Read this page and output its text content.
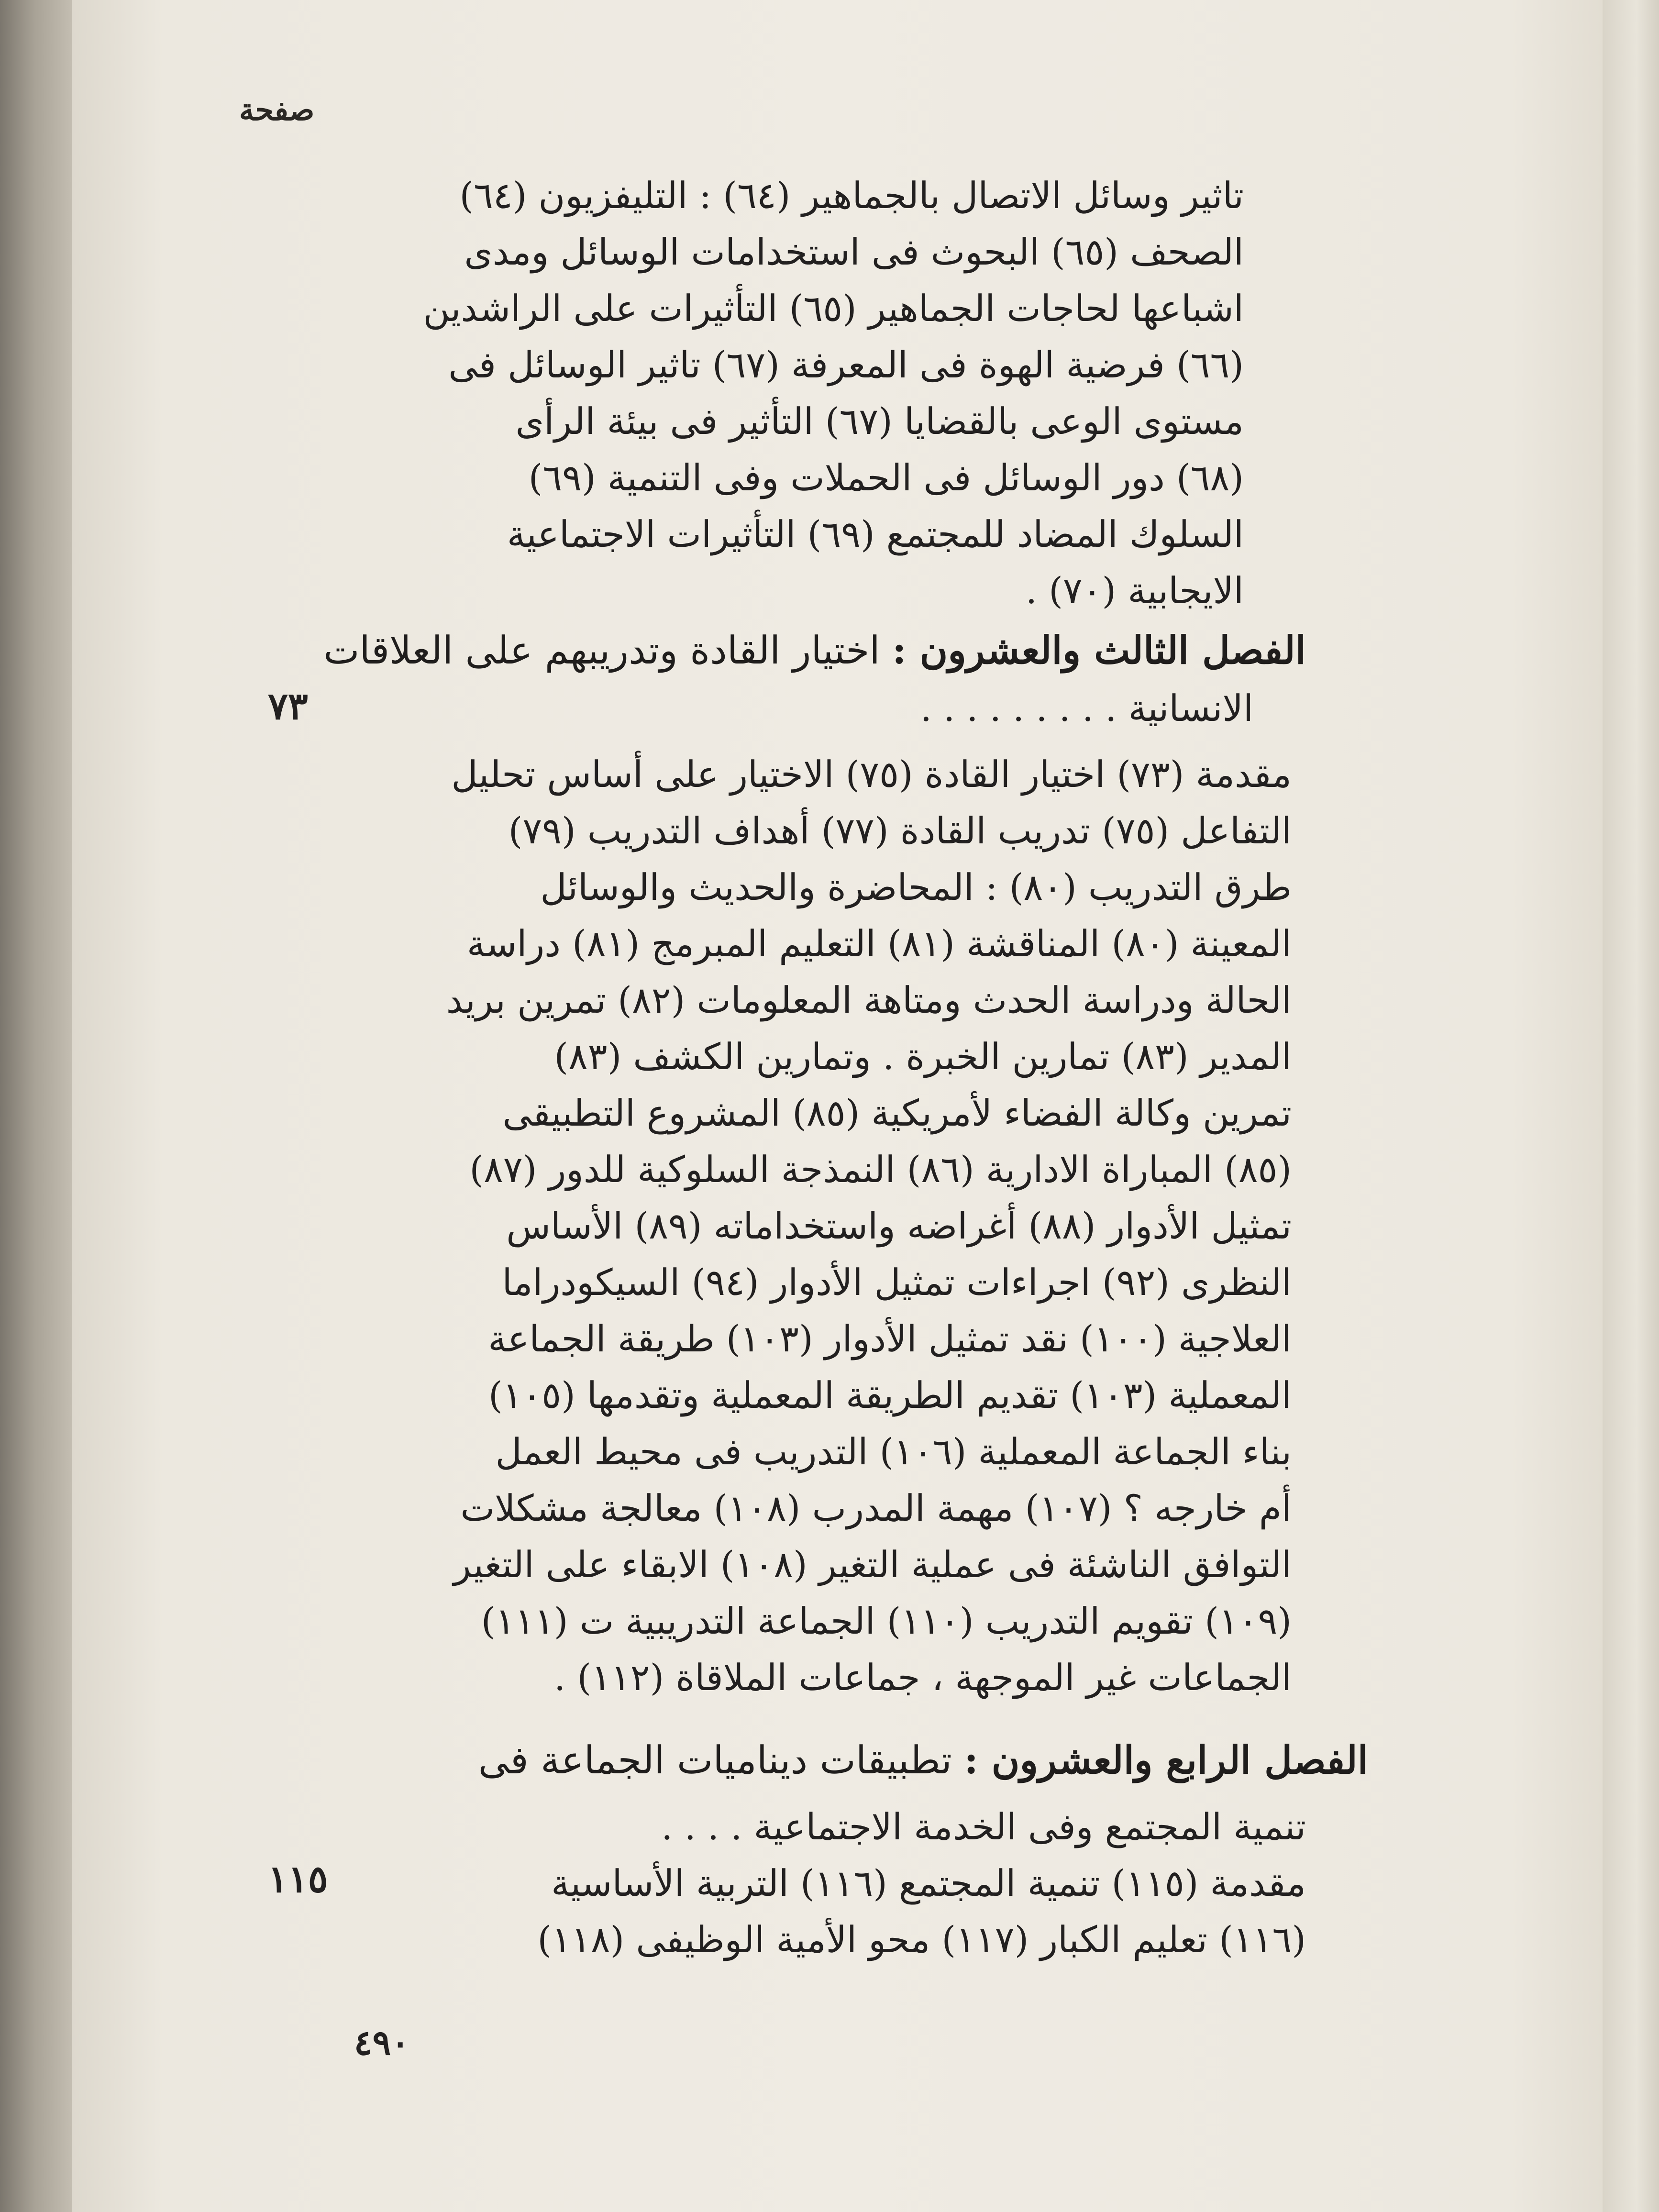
صفحة

تاثير وسائل الاتصال بالجماهير (٦٤) : التليفزيون (٦٤)

الصحف (٦٥) البحوث فى استخدامات الوسائل ومدى

اشباعها لحاجات الجماهير (٦٥) التأثيرات على الراشدين

(٦٦) فرضية الهوة فى المعرفة (٦٧) تاثير الوسائل فى

مستوى الوعى بالقضايا (٦٧) التأثير فى بيئة الرأى

(٦٨) دور الوسائل فى الحملات وفى التنمية (٦٩)

السلوك المضاد للمجتمع (٦٩) التأثيرات الاجتماعية

الايجابية (٧٠) .

الفصل الثالث والعشرون : اختيار القادة وتدريبهم على العلاقات
الانسانية . . . . . . . . .
٧٣

مقدمة (٧٣) اختيار القادة (٧٥) الاختيار على أساس تحليل

التفاعل (٧٥) تدريب القادة (٧٧) أهداف التدريب (٧٩)

طرق التدريب (٨٠) : المحاضرة والحديث والوسائل

المعينة (٨٠) المناقشة (٨١) التعليم المبرمج (٨١) دراسة

الحالة ودراسة الحدث ومتاهة المعلومات (٨٢) تمرين بريد

المدير (٨٣) تمارين الخبرة . وتمارين الكشف (٨٣)

تمرين وكالة الفضاء لأمريكية (٨٥) المشروع التطبيقى

(٨٥) المباراة الادارية (٨٦) النمذجة السلوكية للدور (٨٧)

تمثيل الأدوار (٨٨) أغراضه واستخداماته (٨٩) الأساس

النظرى (٩٢) اجراءات تمثيل الأدوار (٩٤) السيكودراما

العلاجية (١٠٠) نقد تمثيل الأدوار (١٠٣) طريقة الجماعة

المعملية (١٠٣) تقديم الطريقة المعملية وتقدمها (١٠٥)

بناء الجماعة المعملية (١٠٦) التدريب فى محيط العمل

أم خارجه ؟ (١٠٧) مهمة المدرب (١٠٨) معالجة مشكلات

التوافق الناشئة فى عملية التغير (١٠٨) الابقاء على التغير

(١٠٩) تقويم التدريب (١١٠) الجماعة التدريبية ت (١١١)

الجماعات غير الموجهة ، جماعات الملاقاة (١١٢) .

الفصل الرابع والعشرون : تطبيقات ديناميات الجماعة فى

تنمية المجتمع وفى الخدمة الاجتماعية . . . .

مقدمة (١١٥) تنمية المجتمع (١١٦) التربية الأساسية

(١١٦) تعليم الكبار (١١٧) محو الأمية الوظيفى (١١٨)

١١٥
٤٩٠
